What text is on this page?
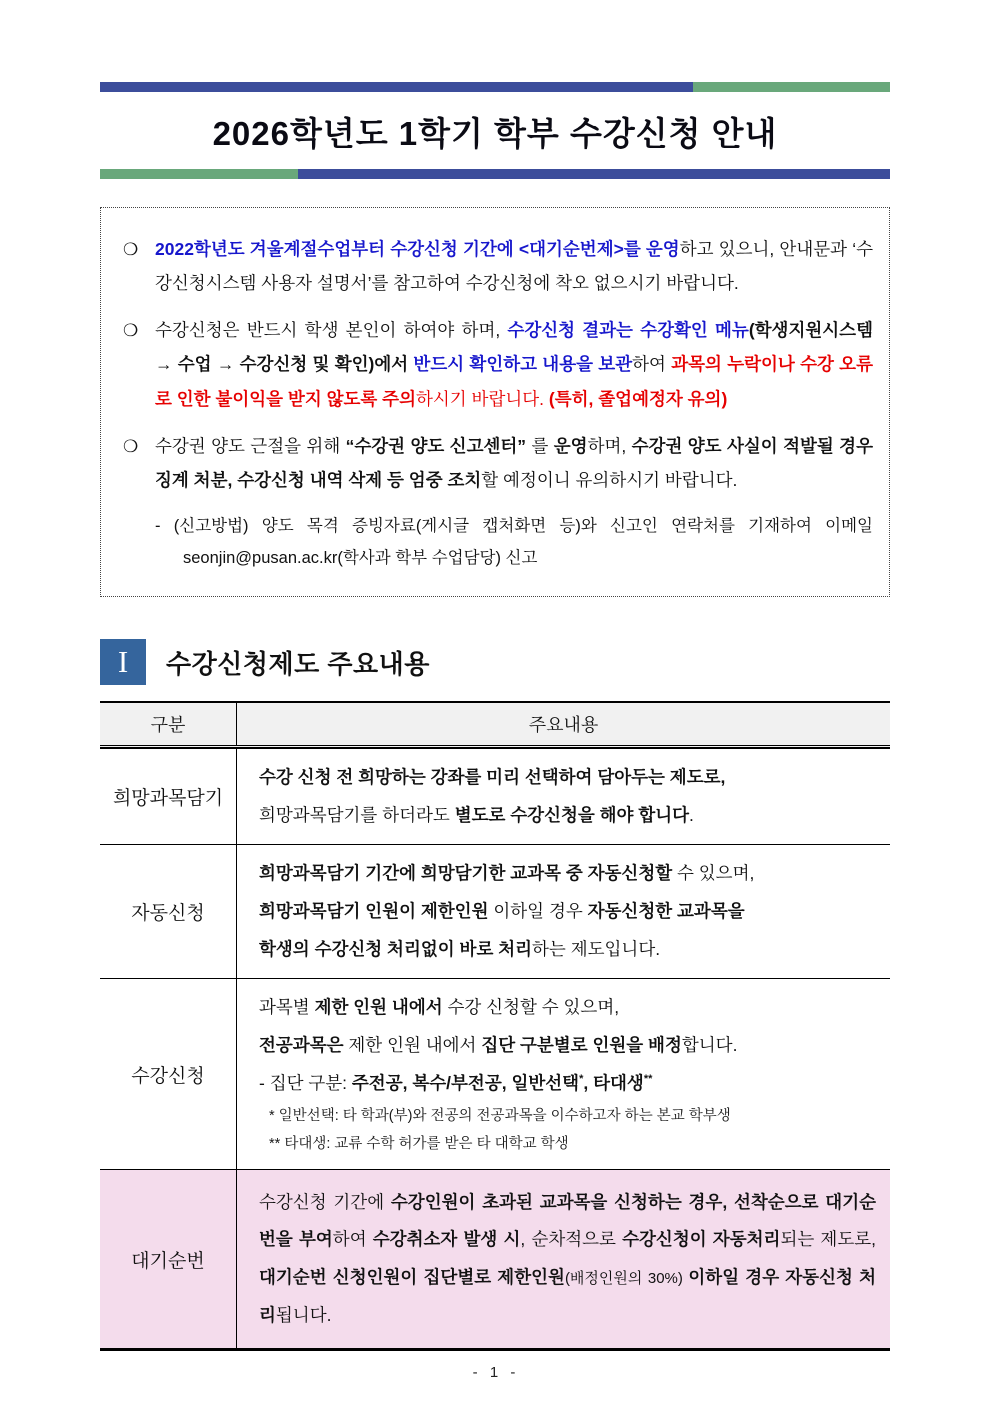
2026학년도 1학기 학부 수강신청 안내
❍ 2022학년도 겨울계절수업부터 수강신청 기간에 <대기순번제>를 운영하고 있으니, 안내문과 ‘수강신청시스템 사용자 설명서’를 참고하여 수강신청에 착오 없으시기 바랍니다.
❍ 수강신청은 반드시 학생 본인이 하여야 하며, 수강신청 결과는 수강확인 메뉴(학생지원시스템 → 수업 → 수강신청 및 확인)에서 반드시 확인하고 내용을 보관하여 과목의 누락이나 수강 오류로 인한 불이익을 받지 않도록 주의하시기 바랍니다. (특히, 졸업예정자 유의)
❍ 수강권 양도 근절을 위해 “수강권 양도 신고센터” 를 운영하며, 수강권 양도 사실이 적발될 경우 징계 처분, 수강신청 내역 삭제 등 엄중 조치할 예정이니 유의하시기 바랍니다.
- (신고방법) 양도 목격 증빙자료(게시글 캡처화면 등)와 신고인 연락처를 기재하여 이메일 seonjin@pusan.ac.kr(학사과 학부 수업담당) 신고
I	수강신청제도 주요내용
구분	주요내용
희망과목담기

수강 신청 전 희망하는 강좌를 미리 선택하여 담아두는 제도로,

희망과목담기를 하더라도 별도로 수강신청을 해야 합니다.

자동신청

희망과목담기 기간에 희망담기한 교과목 중 자동신청할 수 있으며,

희망과목담기 인원이 제한인원 이하일 경우 자동신청한 교과목을

학생의 수강신청 처리없이 바로 처리하는 제도입니다.

수강신청

과목별 제한 인원 내에서 수강 신청할 수 있으며,

전공과목은 제한 인원 내에서 집단 구분별로 인원을 배정합니다.

- 집단 구분: 주전공, 복수/부전공, 일반선택*, 타대생**

* 일반선택: 타 학과(부)와 전공의 전공과목을 이수하고자 하는 본교 학부생

** 타대생: 교류 수학 허가를 받은 타 대학교 학생

대기순번

수강신청 기간에 수강인원이 초과된 교과목을 신청하는 경우, 선착순으로 대기순번을 부여하여 수강취소자 발생 시, 순차적으로 수강신청이 자동처리되는 제도로, 대기순번 신청인원이 집단별로 제한인원(배정인원의 30%) 이하일 경우 자동신청 처리됩니다.

- 1 -
